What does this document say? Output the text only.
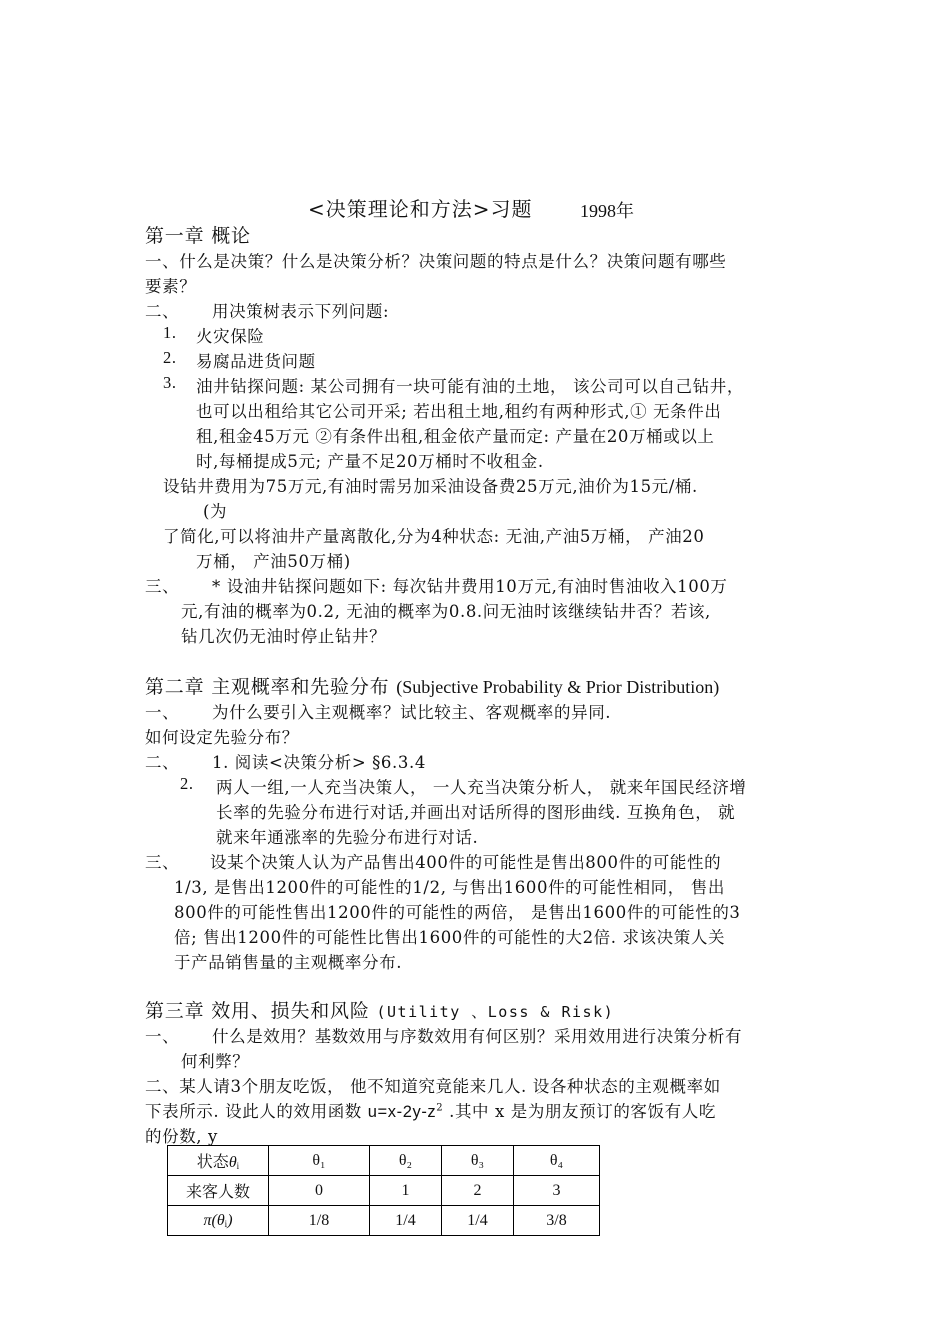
<决策理论和方法>习题	1998年
第一章 概论
一、什么是决策？什么是决策分析？决策问题的特点是什么？决策问题有哪些
要素？
二、 用决策树表示下列问题:
1. 火灾保险
2. 易腐品进货问题
3. 油井钻探问题: 某公司拥有一块可能有油的土地， 该公司可以自己钻井，
也可以出租给其它公司开采; 若出租土地,租约有两种形式,① 无条件出
租,租金45万元 ②有条件出租,租金依产量而定: 产量在20万桶或以上
时,每桶提成5元; 产量不足20万桶时不收租金.
设钻井费用为75万元,有油时需另加采油设备费25万元,油价为15元/桶.
(为
了简化,可以将油井产量离散化,分为4种状态: 无油,产油5万桶， 产油20
万桶， 产油50万桶)
三、 * 设油井钻探问题如下: 每次钻井费用10万元,有油时售油收入100万
元,有油的概率为0.2, 无油的概率为0.8.问无油时该继续钻井否？若该,
钻几次仍无油时停止钻井？
第二章 主观概率和先验分布 (Subjective Probability & Prior Distribution)
一、 为什么要引入主观概率？试比较主、客观概率的异同.
如何设定先验分布？
二、 1. 阅读<决策分析> §6.3.4
2. 两人一组,一人充当决策人， 一人充当决策分析人， 就来年国民经济增
长率的先验分布进行对话,并画出对话所得的图形曲线. 互换角色， 就
就来年通涨率的先验分布进行对话.
三、 设某个决策人认为产品售出400件的可能性是售出800件的可能性的
1/3, 是售出1200件的可能性的1/2, 与售出1600件的可能性相同， 售出
800件的可能性售出1200件的可能性的两倍， 是售出1600件的可能性的3
倍; 售出1200件的可能性比售出1600件的可能性的大2倍. 求该决策人关
于产品销售量的主观概率分布.
第三章 效用、损失和风险 (Utility 、Loss & Risk)
一、 什么是效用？基数效用与序数效用有何区别？采用效用进行决策分析有
何利弊？
二、某人请3个朋友吃饭， 他不知道究竟能来几人. 设各种状态的主观概率如
下表所示. 设此人的效用函数 $u=x-2y-z^2$ .其中 x 是为朋友预订的客饭有人吃
的份数, y
状态$\theta_i$	θ₁	θ₂	θ₃	θ₄
来客人数	0	1	2	3
$\pi(\theta_i)$	1/8	1/4	1/4	3/8
